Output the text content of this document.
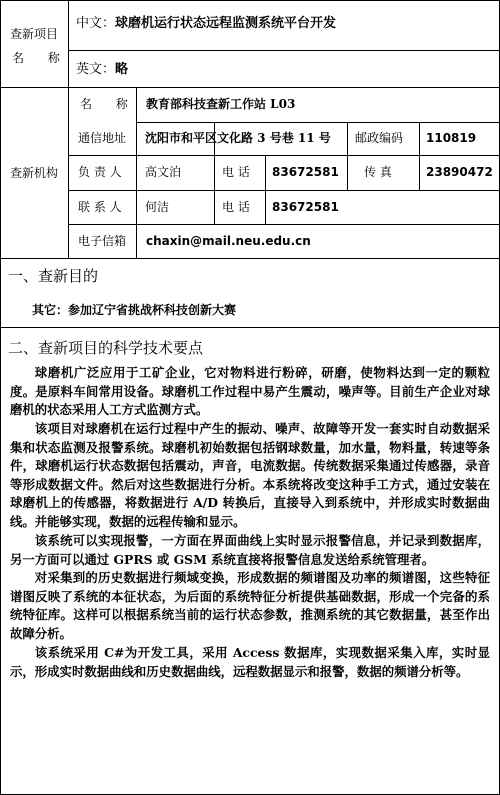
查新项目
名 称
中文： 球磨机运行状态远程监测系统平台开发
英文： 略
查新机构
名 称 教育部科技查新工作站 L03
通信地址 沈阳市和平区文化路 3 号巷 11 号 邮政编码 110819
负 责 人 高文泊	电 话 83672581 传 真	23890472
联 系 人 何洁	电 话 83672581
电子信箱 chaxin@mail.neu.edu.cn
一、查新目的
其它：参加辽宁省挑战杯科技创新大赛
二、查新项目的科学技术要点
球磨机广泛应用于工矿企业，它对物料进行粉碎，研磨，使物料达到一定的颗粒度。是原料车间常用设备。球磨机工作过程中易产生震动，噪声等。目前生产企业对球磨机的状态采用人工方式监测方式。
该项目对球磨机在运行过程中产生的振动、噪声、故障等开发一套实时自动数据采集和状态监测及报警系统。球磨机初始数据包括钢球数量，加水量，物料量，转速等条件，球磨机运行状态数据包括震动，声音，电流数据。传统数据采集通过传感器，录音等形成数据文件。然后对这些数据进行分析。本系统将改变这种手工方式，通过安装在球磨机上的传感器，将数据进行 A/D 转换后，直接导入到系统中，并形成实时数据曲线。并能够实现，数据的远程传输和显示。
该系统可以实现报警，一方面在界面曲线上实时显示报警信息，并记录到数据库，另一方面可以通过 GPRS 或 GSM 系统直接将报警信息发送给系统管理者。
对采集到的历史数据进行频域变换，形成数据的频谱图及功率的频谱图，这些特征谱图反映了系统的本征状态，为后面的系统特征分析提供基础数据，形成一个完备的系统特征库。这样可以根据系统当前的运行状态参数，推测系统的其它数据量，甚至作出故障分析。
该系统采用 C#为开发工具，采用 Access 数据库，实现数据采集入库，实时显示，形成实时数据曲线和历史数据曲线，远程数据显示和报警，数据的频谱分析等。
